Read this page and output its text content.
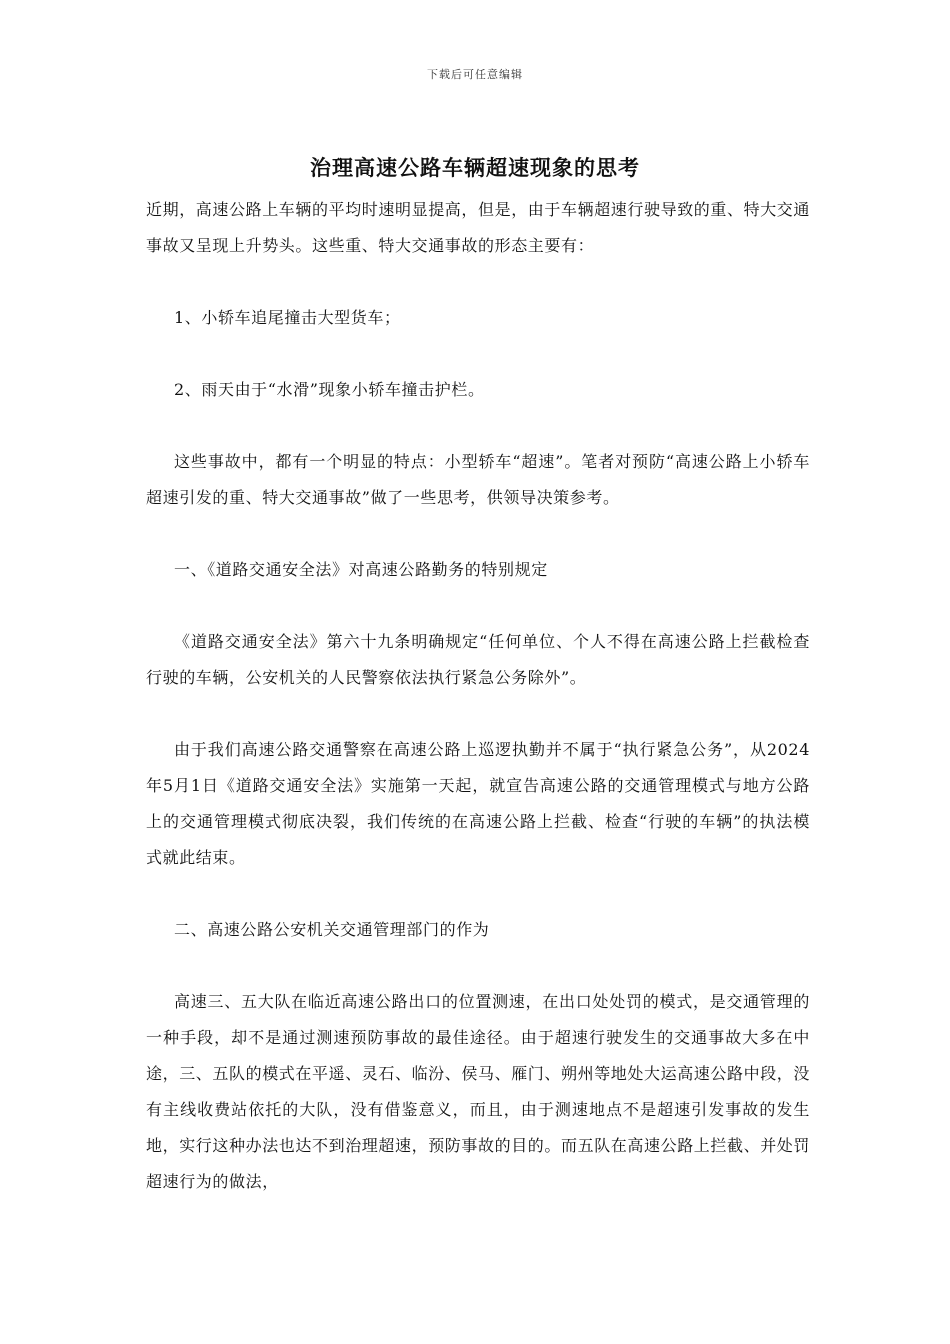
下载后可任意编辑
治理高速公路车辆超速现象的思考

近期，高速公路上车辆的平均时速明显提高，但是，由于车辆超速行驶导致的重、特大交通事故又呈现上升势头。这些重、特大交通事故的形态主要有：

1、小轿车追尾撞击大型货车；

2、雨天由于“水滑”现象小轿车撞击护栏。

这些事故中，都有一个明显的特点：小型轿车“超速”。笔者对预防“高速公路上小轿车超速引发的重、特大交通事故”做了一些思考，供领导决策参考。

一、《道路交通安全法》对高速公路勤务的特别规定

《道路交通安全法》第六十九条明确规定“任何单位、个人不得在高速公路上拦截检查行驶的车辆，公安机关的人民警察依法执行紧急公务除外”。

由于我们高速公路交通警察在高速公路上巡逻执勤并不属于“执行紧急公务”，从2024年5月1日《道路交通安全法》实施第一天起，就宣告高速公路的交通管理模式与地方公路上的交通管理模式彻底决裂，我们传统的在高速公路上拦截、检查“行驶的车辆”的执法模式就此结束。

二、高速公路公安机关交通管理部门的作为

高速三、五大队在临近高速公路出口的位置测速，在出口处处罚的模式，是交通管理的一种手段，却不是通过测速预防事故的最佳途径。由于超速行驶发生的交通事故大多在中途，三、五队的模式在平遥、灵石、临汾、侯马、雁门、朔州等地处大运高速公路中段，没有主线收费站依托的大队，没有借鉴意义，而且，由于测速地点不是超速引发事故的发生地，实行这种办法也达不到治理超速，预防事故的目的。而五队在高速公路上拦截、并处罚超速行为的做法，
